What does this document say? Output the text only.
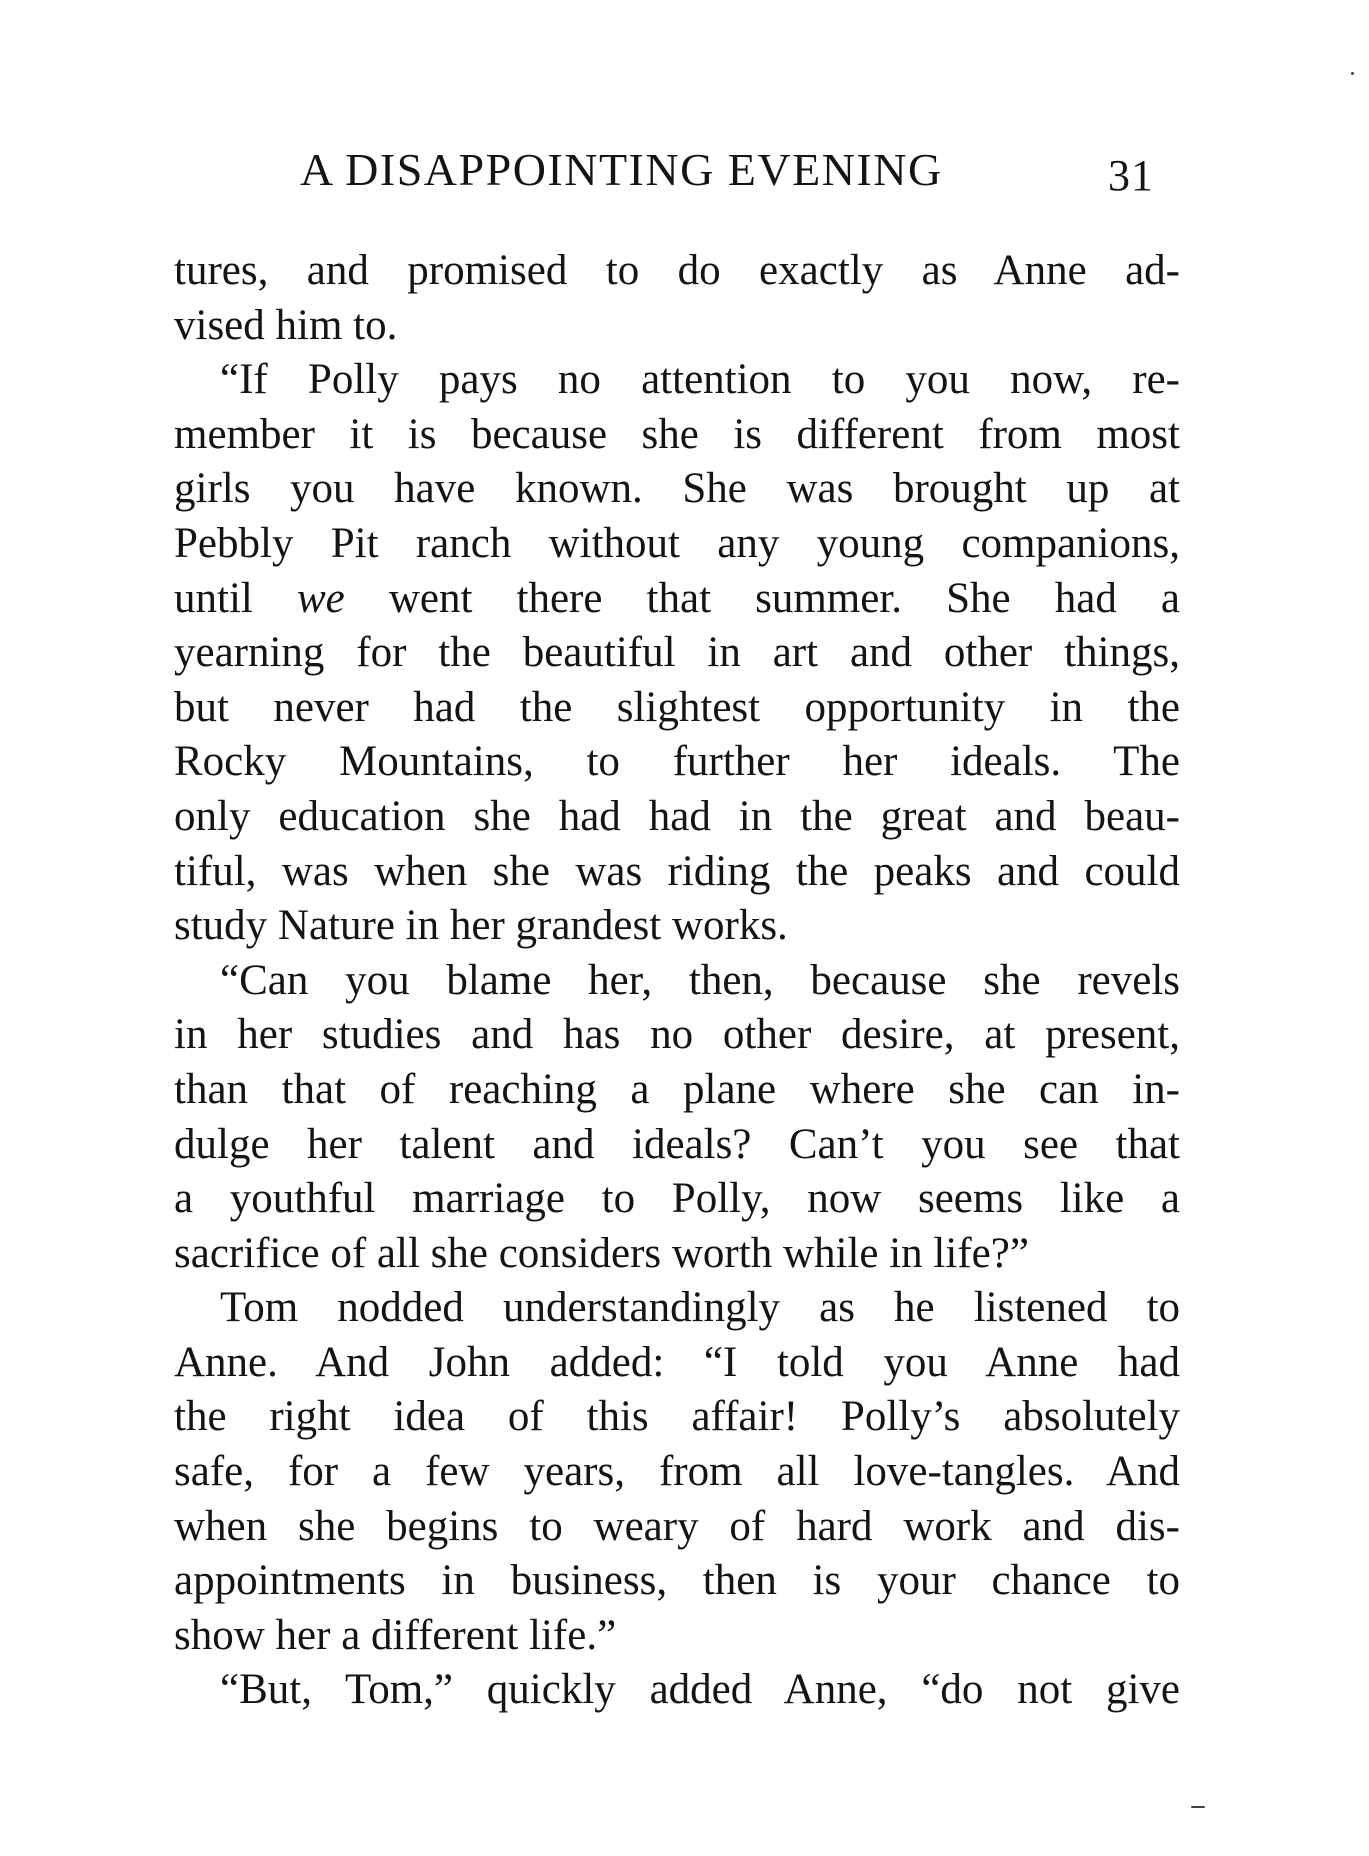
A DISAPPOINTING EVENING	31
tures, and promised to do exactly as Anne ad-
vised him to.
“If Polly pays no attention to you now, re-
member it is because she is different from most
girls you have known. She was brought up at
Pebbly Pit ranch without any young companions,
until we went there that summer. She had a
yearning for the beautiful in art and other things,
but never had the slightest opportunity in the
Rocky Mountains, to further her ideals. The
only education she had had in the great and beau-
tiful, was when she was riding the peaks and could
study Nature in her grandest works.
“Can you blame her, then, because she revels
in her studies and has no other desire, at present,
than that of reaching a plane where she can in-
dulge her talent and ideals? Can’t you see that
a youthful marriage to Polly, now seems like a
sacrifice of all she considers worth while in life?”
Tom nodded understandingly as he listened to
Anne. And John added: “I told you Anne had
the right idea of this affair! Polly’s absolutely
safe, for a few years, from all love-tangles. And
when she begins to weary of hard work and dis-
appointments in business, then is your chance to
show her a different life.”
“But, Tom,” quickly added Anne, “do not give
